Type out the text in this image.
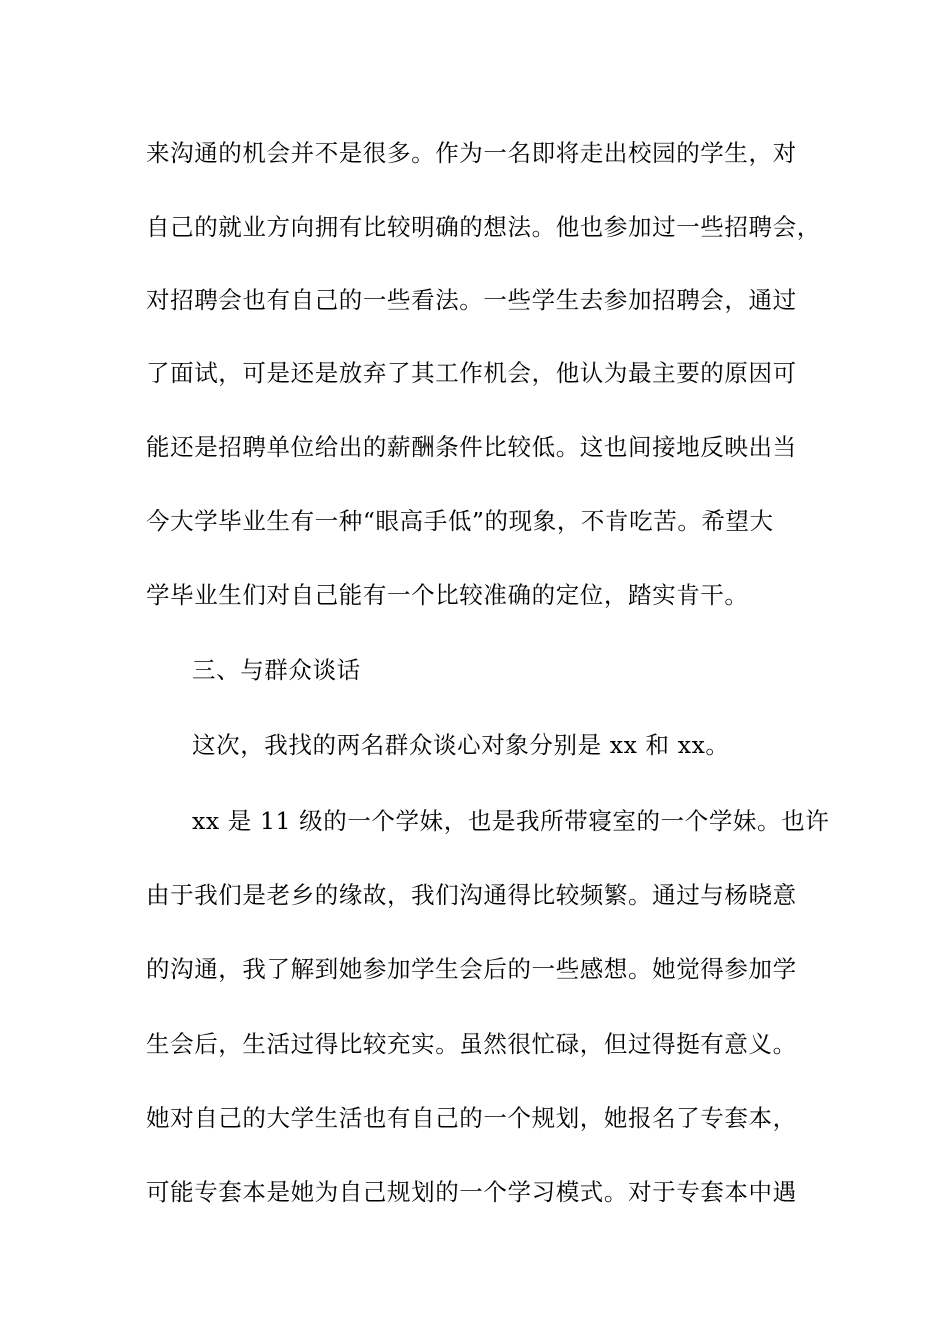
来沟通的机会并不是很多。作为一名即将走出校园的学生，对
自己的就业方向拥有比较明确的想法。他也参加过一些招聘会，
对招聘会也有自己的一些看法。一些学生去参加招聘会，通过
了面试，可是还是放弃了其工作机会，他认为最主要的原因可
能还是招聘单位给出的薪酬条件比较低。这也间接地反映出当
今大学毕业生有一种“眼高手低”的现象，不肯吃苦。希望大
学毕业生们对自己能有一个比较准确的定位，踏实肯干。
三、与群众谈话
这次，我找的两名群众谈心对象分别是 xx 和 xx。
xx 是 11 级的一个学妹，也是我所带寝室的一个学妹。也许
由于我们是老乡的缘故，我们沟通得比较频繁。通过与杨晓意
的沟通，我了解到她参加学生会后的一些感想。她觉得参加学
生会后，生活过得比较充实。虽然很忙碌，但过得挺有意义。
她对自己的大学生活也有自己的一个规划，她报名了专套本，
可能专套本是她为自己规划的一个学习模式。对于专套本中遇
